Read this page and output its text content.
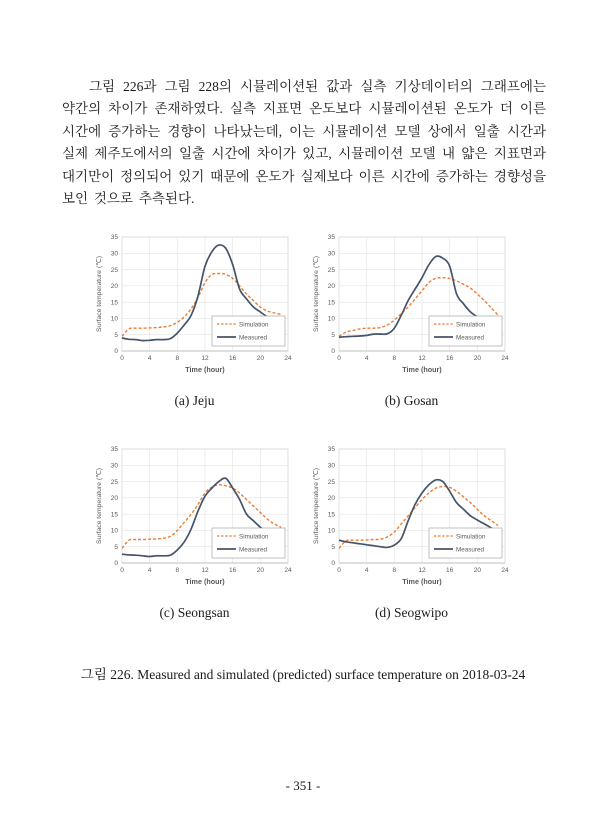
그림 226과 그림 228의 시뮬레이션된 값과 실측 기상데이터의 그래프에는 약간의 차이가 존재하였다. 실측 지표면 온도보다 시뮬레이션된 온도가 더 이른 시간에 증가하는 경향이 나타났는데, 이는 시뮬레이션 모델 상에서 일출 시간과 실제 제주도에서의 일출 시간에 차이가 있고, 시뮬레이션 모델 내 얇은 지표면과 대기만이 정의되어 있기 때문에 온도가 실제보다 이른 시간에 증가하는 경향성을 보인 것으로 추측된다.

0	4	8	12	16	20	24
0
5
10
15
20
25
30
35
Surface temperature (℃)
Time (hour)
Simulation
Measured
(a) Jeju
0	4	8	12	16	20	24
0
5
10
15
20
25
30
35
Surface temperature (℃)
Time (hour)
Simulation
Measured
(b) Gosan
0	4	8	12	16	20	24
0
5
10
15
20
25
30
35
Surface temperature (℃)
Time (hour)
Simulation
Measured
(c) Seongsan
0	4	8	12	16	20	24
0
5
10
15
20
25
30
35
Surface temperature (℃)
Time (hour)
Simulation
Measured
(d) Seogwipo

그림 226. Measured and simulated (predicted) surface temperature on 2018-03-24

- 351 -
